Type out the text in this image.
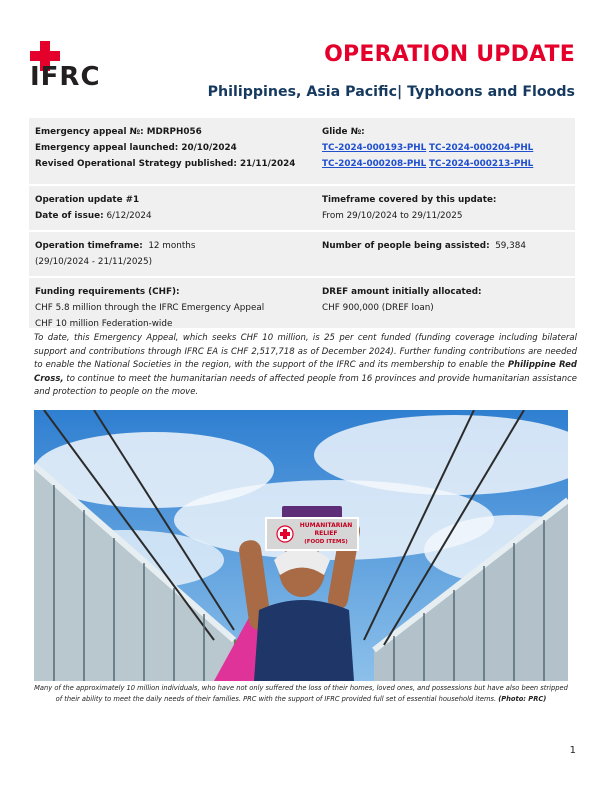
IFRC
OPERATION UPDATE
Philippines, Asia Pacific| Typhoons and Floods
Emergency appeal №: MDRPH056
Emergency appeal launched: 20/10/2024
Revised Operational Strategy published: 21/11/2024
Glide №:
TC-2024-000193-PHL TC-2024-000204-PHL
TC-2024-000208-PHL TC-2024-000213-PHL
Operation update #1
Date of issue: 6/12/2024
Timeframe covered by this update:
From 29/10/2024 to 29/11/2025
Operation timeframe: 12 months
(29/10/2024 - 21/11/2025)
Number of people being assisted: 59,384
Funding requirements (CHF):
CHF 5.8 million through the IFRC Emergency Appeal
CHF 10 million Federation-wide
DREF amount initially allocated:
CHF 900,000 (DREF loan)
To date, this Emergency Appeal, which seeks CHF 10 million, is 25 per cent funded (funding coverage including bilateral support and contributions through IFRC EA is CHF 2,517,718 as of December 2024). Further funding contributions are needed to enable the National Societies in the region, with the support of the IFRC and its membership to enable the Philippine Red Cross, to continue to meet the humanitarian needs of affected people from 16 provinces and provide humanitarian assistance and protection to people on the move.
HUMANITARIAN
RELIEF
(FOOD ITEMS)
Many of the approximately 10 million individuals, who have not only suffered the loss of their homes, loved ones, and possessions but have also been stripped of their ability to meet the daily needs of their families. PRC with the support of IFRC provided full set of essential household items. (Photo: PRC)
1
